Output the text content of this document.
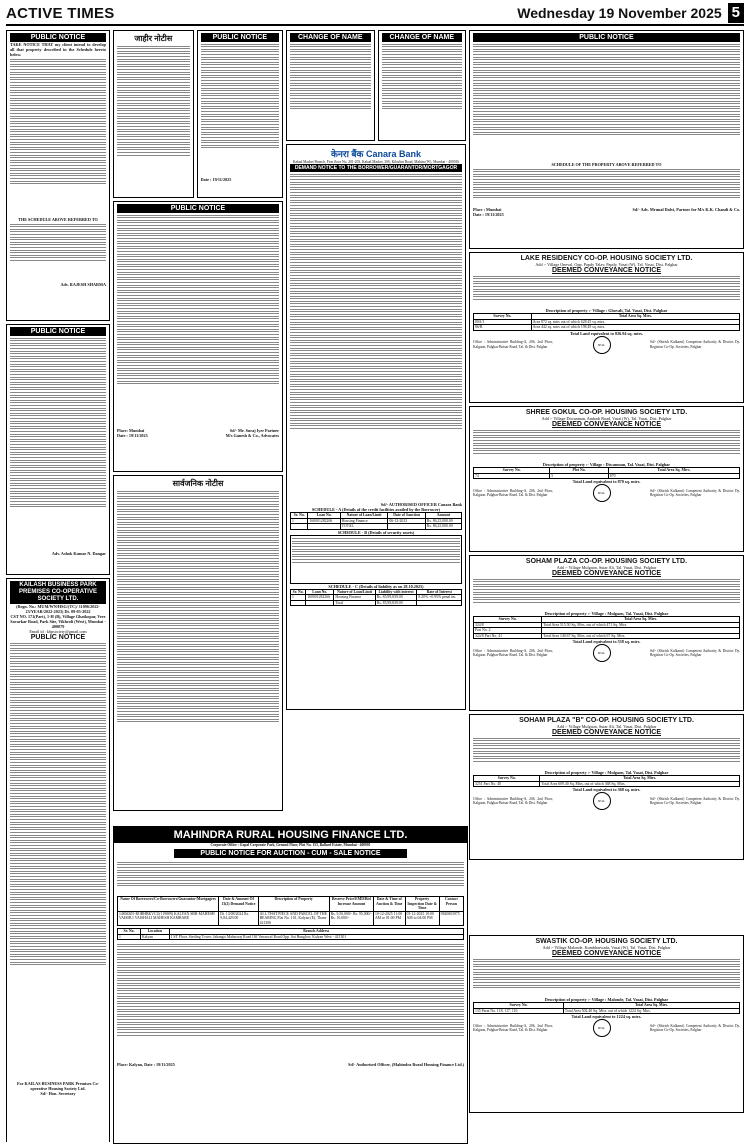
ACTIVE TIMES	Wednesday 19 November 2025 5
PUBLIC NOTICE
TAKE NOTICE THAT my client intend to develop all that property described in the Schedule hereto below.
THE SCHEDULE ABOVE REFERRED TO
Adv. RAJESH SHARMA
PUBLIC NOTICE
Adv. Ashok Kumar N. Dangar
KAILASH BUSINESS PARK PREMISES CO-OPERATIVE SOCIETY LTD.
(Regn. No.: MUM/WN/HSG/(TC)/ 11096/2022-23/YEAR/2022-2023) Dt. 09-05-2022
CST NO. 171(Part), 1-H (B), Village Ghatkopar, Veer Savarkar Road, Park Site, Vikhroli (West), Mumbai - 400079
Email id : kbpsociety@gmail.com
PUBLIC NOTICE
For KAILAS BUSINESS PARK Premises Co-operative Housing Society Ltd.
Sd/- Hon. Secretary
जाहीर नोटीस	PUBLIC NOTICE
Date : 19/11/2025
PUBLIC NOTICE
Place: Mumbai
Date : 19/11/2025
Sd/- Mr. Suraj Iyer Partner
M/s Ganesh & Co., Advocates
सार्वजनिक नोटीस
CHANGE OF NAME	CHANGE OF NAME
केनरा बैंक Canara Bank
Kakad Market Branch, First floor No. 201-203, Kakad Market, 306, Kilaslini Road, Mahim (W), Mumbai - 400016
DEMAND NOTICE TO THE BORROWER/GUARANTOR/MORTGAGOR
Sd/- AUTHORISED OFFICER Canara Bank
SCHEDULE - A (Details of the credit facilities availed by the Borrower)
Sr. No.	Loan No.	Nature of Loan/Limit	Date of Sanction	Amount
1	160001282266	Housing Finance	06-12-2023	Rs. 86,25,000.00
		TOTAL		Rs. 86,25,000.00
SCHEDULE - B (Details of security assets)
SCHEDULE - C (Details of liability as on 28.10.2025)
Sr. No.	Loan No.	Nature of Loan/Limit	Liability with interest	Rate of Interest
1	160001282266	Housing Finance	Rs. 85,99,839.00	8.20% +0.95% penal int.
		Total	Rs. 85,99,839.00	
PUBLIC NOTICE
SCHEDULE OF THE PROPERTY ABOVE REFERRED TO
Place : Mumbai
Date : 19/11/2025
Sd/- Adv. Mrunal Dalvi, Partner for M/s K.K. Chandi & Co.
LAKE RESIDENCY CO-OP. HOUSING SOCIETY LTD.
Add :- Village Oneval, Opp. Papdy Talav, Papdy, Vasai (W), Tal. Vasai, Dist. Palghar
DEEMED CONVEYANCE NOTICE
Description of property :- Village : Ghovali, Tal. Vasai, Dist. Palghar
Survey No.	Total Area Sq. Mtrs.
80A/1	Area 872 sq. mtrs out of which 628.45 sq. mtrs.
86/B	Area 442 sq. mtrs out of which 198.49 sq. mtrs.
Total Land equivalent to 826.94 sq. mtrs.
Office : Administrative Building-A, 206, 2nd Floor, Kalgaon, Palghar-Boisar Road, Tal. & Dist. Palghar	SEAL
Sd/- (Shirish Kulkarni) Competent Authority & District Dy. Registrar Co-Op. Societies, Palghar
SHREE GOKUL CO-OP. HOUSING SOCIETY LTD.
Add :- Village Diwanman, Ambadi Road, Vasai (W), Tal. Vasai, Dist. Palghar
DEEMED CONVEYANCE NOTICE
Description of property :- Village : Diwanman, Tal. Vasai, Dist. Palghar
Survey No.	Plot No.	Total Area Sq. Mtrs.
74	5	870
Total Land equivalent to 870 sq. mtrs.
Office : Administrative Building-A, 206, 2nd Floor, Kalgaon, Palghar-Boisar Road, Tal. & Dist. Palghar	SEAL
Sd/- (Shirish Kulkarni) Competent Authority & District Dy. Registrar Co-Op. Societies, Palghar
SOHAM PLAZA CO-OP. HOUSING SOCIETY LTD.
Add :- Village Mulgaon, Sutar Ali, Tal. Vasai, Dist. Palghar
DEEMED CONVEYANCE NOTICE
Description of property :- Village : Mulgaon, Tal. Vasai, Dist. Palghar
Survey No.	Total Area Sq. Mtrs.
324/8	Total Area 515.50 Sq. Mtrs. out of which 471 Sq. Mtrs.
Part No. 2	
324/8 Part No. 41	Total Area 140.67 Sq. Mtrs. out of which 67 Sq. Mtrs.
Total Land equivalent to 538 sq. mtrs.
Office : Administrative Building-A, 206, 2nd Floor, Kalgaon, Palghar-Boisar Road, Tal. & Dist. Palghar	SEAL
Sd/- (Shirish Kulkarni) Competent Authority & District Dy. Registrar Co-Op. Societies, Palghar
SOHAM PLAZA "B" CO-OP. HOUSING SOCIETY LTD.
Add :- Village Mulgaon, Sutar Ali, Tal. Vasai, Dist. Palghar
DEEMED CONVEYANCE NOTICE
Description of property :- Village : Mulgaon, Tal. Vasai, Dist. Palghar
Survey No.	Total Area Sq. Mtrs.
3251 Part No. 40	Total Area 609.40 Sq. Mtrs. out of which 368 Sq. Mtrs.
Total Land equivalent to 368 sq. mtrs.
Office : Administrative Building-A, 206, 2nd Floor, Kalgaon, Palghar-Boisar Road, Tal. & Dist. Palghar	SEAL
Sd/- (Shirish Kulkarni) Competent Authority & District Dy. Registrar Co-Op. Societies, Palghar
SWASTIK CO-OP. HOUSING SOCIETY LTD.
Add :- Village Malonde, Kumbharwada, Vasai (W), Tal. Vasai, Dist. Palghar
DEEMED CONVEYANCE NOTICE
Description of property :- Village : Malonde, Tal. Vasai, Dist. Palghar
Survey No.	Total Area Sq. Mtrs.
135 Parat No. 118, 117, 116	Total Area 502.40 Sq. Mtrs. out of which 1224 Sq. Mtrs.
Total Land equivalent to 1224 sq. mtrs.
Office : Administrative Building-A, 206, 2nd Floor, Kalgaon, Palghar-Boisar Road, Tal. & Dist. Palghar	SEAL
Sd/- (Shirish Kulkarni) Competent Authority & District Dy. Registrar Co-Op. Societies, Palghar
MAHINDRA RURAL HOUSING FINANCE LTD.
Corporate Office : Gopal Corporate Park, Ground Floor, Plot No. 153, Ballard Estate, Mumbai - 400001
PUBLIC NOTICE FOR AUCTION - CUM - SALE NOTICE
Name Of Borrowers/Co-Borrowers/Guarantor/Mortgagers	Date & Amount Of 13(2) Demand Notice	Description of Property	Reserve Price/EMD/Bid Increase Amount	Date & Time of Auction & Time	Property Inspection Date & Time	Contact Person
14804305-ROBHBKVCU(119889) KALYAN SBR-MAHESH VAISHU/ VAISHALI MAHESH KAMBARE	Dt. 13/08/2024 Rs. 9,84,429.00	ALL THAT PIECE AND PARCEL OF THE BEARING Flat No. 101, Kalyan (E), Thane 421306	Rs. 9,50,000/- Rs. 95,000/- Rs. 10,000/-	10-12-2025 11:00 AM to 01:00 PM	03-12-2025 10:00 AM to 04:00 PM	9820003975
Sr. No.	Location	Branch Address
1	Kalyan	1 ST Floor, Sterling Tower, Jahangir Maharwaj Road Off Vanarwal Road Opp. Sai Bunglow, Kalyan West - 421301
Place: Kalyan, Date : 19/11/2025	Sd/- Authorised Officer, (Mahindra Rural Housing Finance Ltd.)
